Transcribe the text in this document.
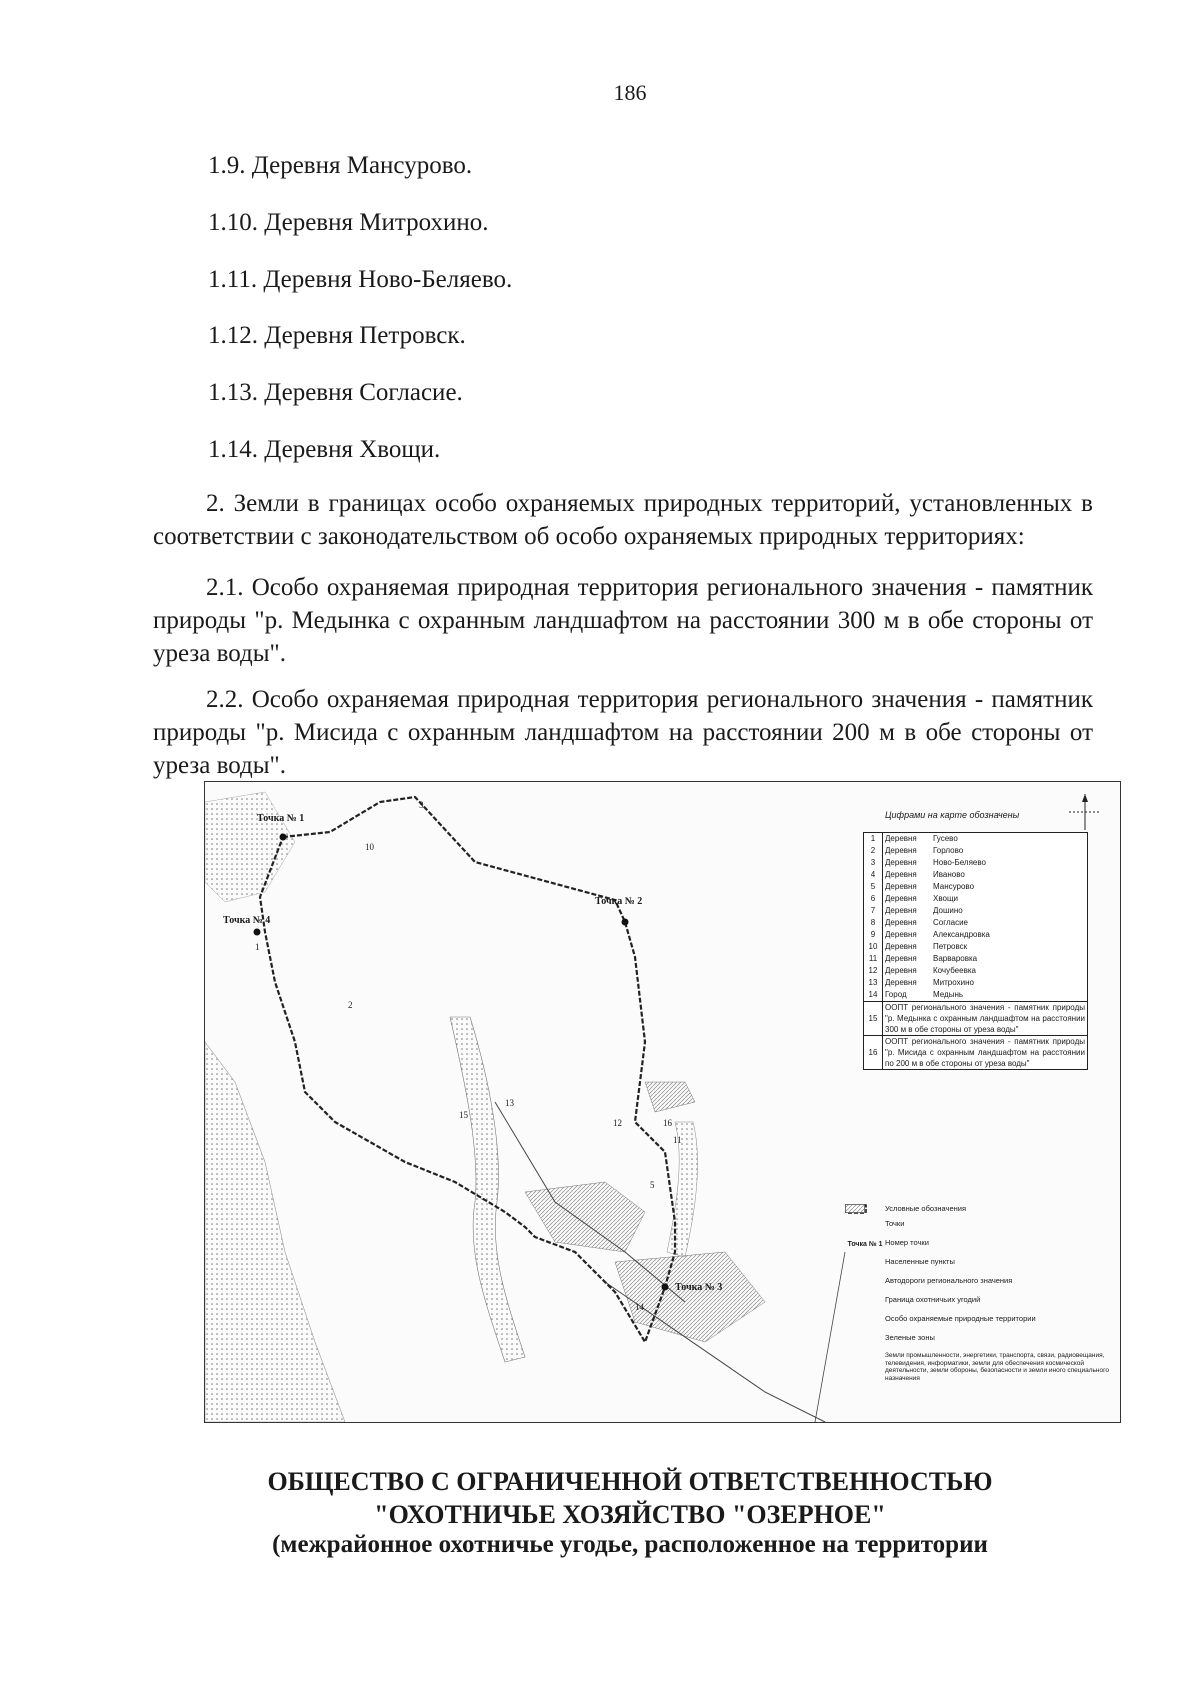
186
1.9. Деревня Мансурово.
1.10. Деревня Митрохино.
1.11. Деревня Ново-Беляево.
1.12. Деревня Петровск.
1.13. Деревня Согласие.
1.14. Деревня Хвощи.
2. Земли в границах особо охраняемых природных территорий, установленных в соответствии с законодательством об особо охраняемых природных территориях:
2.1. Особо охраняемая природная территория регионального значения - памятник природы "р. Медынка с охранным ландшафтом на расстоянии 300 м в обе стороны от уреза воды".
2.2. Особо охраняемая природная территория регионального значения - памятник природы "р. Мисида с охранным ландшафтом на расстоянии 200 м в обе стороны от уреза воды".
Точка № 1
Точка № 2
Точка № 3
Точка № 4
10
1
2
13
15
12	16
11
5
14
3
Цифрами на карте обозначены
1	Деревня	Гусево
2	Деревня	Горлово
3	Деревня	Ново-Беляево
4	Деревня	Иваново
5	Деревня	Мансурово
6	Деревня	Хвощи
7	Деревня	Дошино
8	Деревня	Согласие
9	Деревня	Александровка
10	Деревня	Петровск
11	Деревня	Варваровка
12	Деревня	Кочубеевка
13	Деревня	Митрохино
14	Город	Медынь
15	ООПТ регионального значения - памятник природы "р. Медынка с охранным ландшафтом на расстоянии 300 м в обе стороны от уреза воды"	
16	ООПТ регионального значения - памятник природы "р. Мисида с охранным ландшафтом на расстоянии по 200 м в обе стороны от уреза воды"	
Условные обозначения
Точки
Точка № 1 Номер точки
Населенные пункты
Автодороги регионального значения
Граница охотничьих угодий
Особо охраняемые природные территории
Зеленые зоны
Земли промышленности, энергетики, транспорта, связи, радиовещания, телевидения, информатики, земли для обеспечения космической деятельности, земли обороны, безопасности и земли иного специального назначения
ОБЩЕСТВО С ОГРАНИЧЕННОЙ ОТВЕТСТВЕННОСТЬЮ
"ОХОТНИЧЬЕ ХОЗЯЙСТВО "ОЗЕРНОЕ"
(межрайонное охотничье угодье, расположенное на территории
